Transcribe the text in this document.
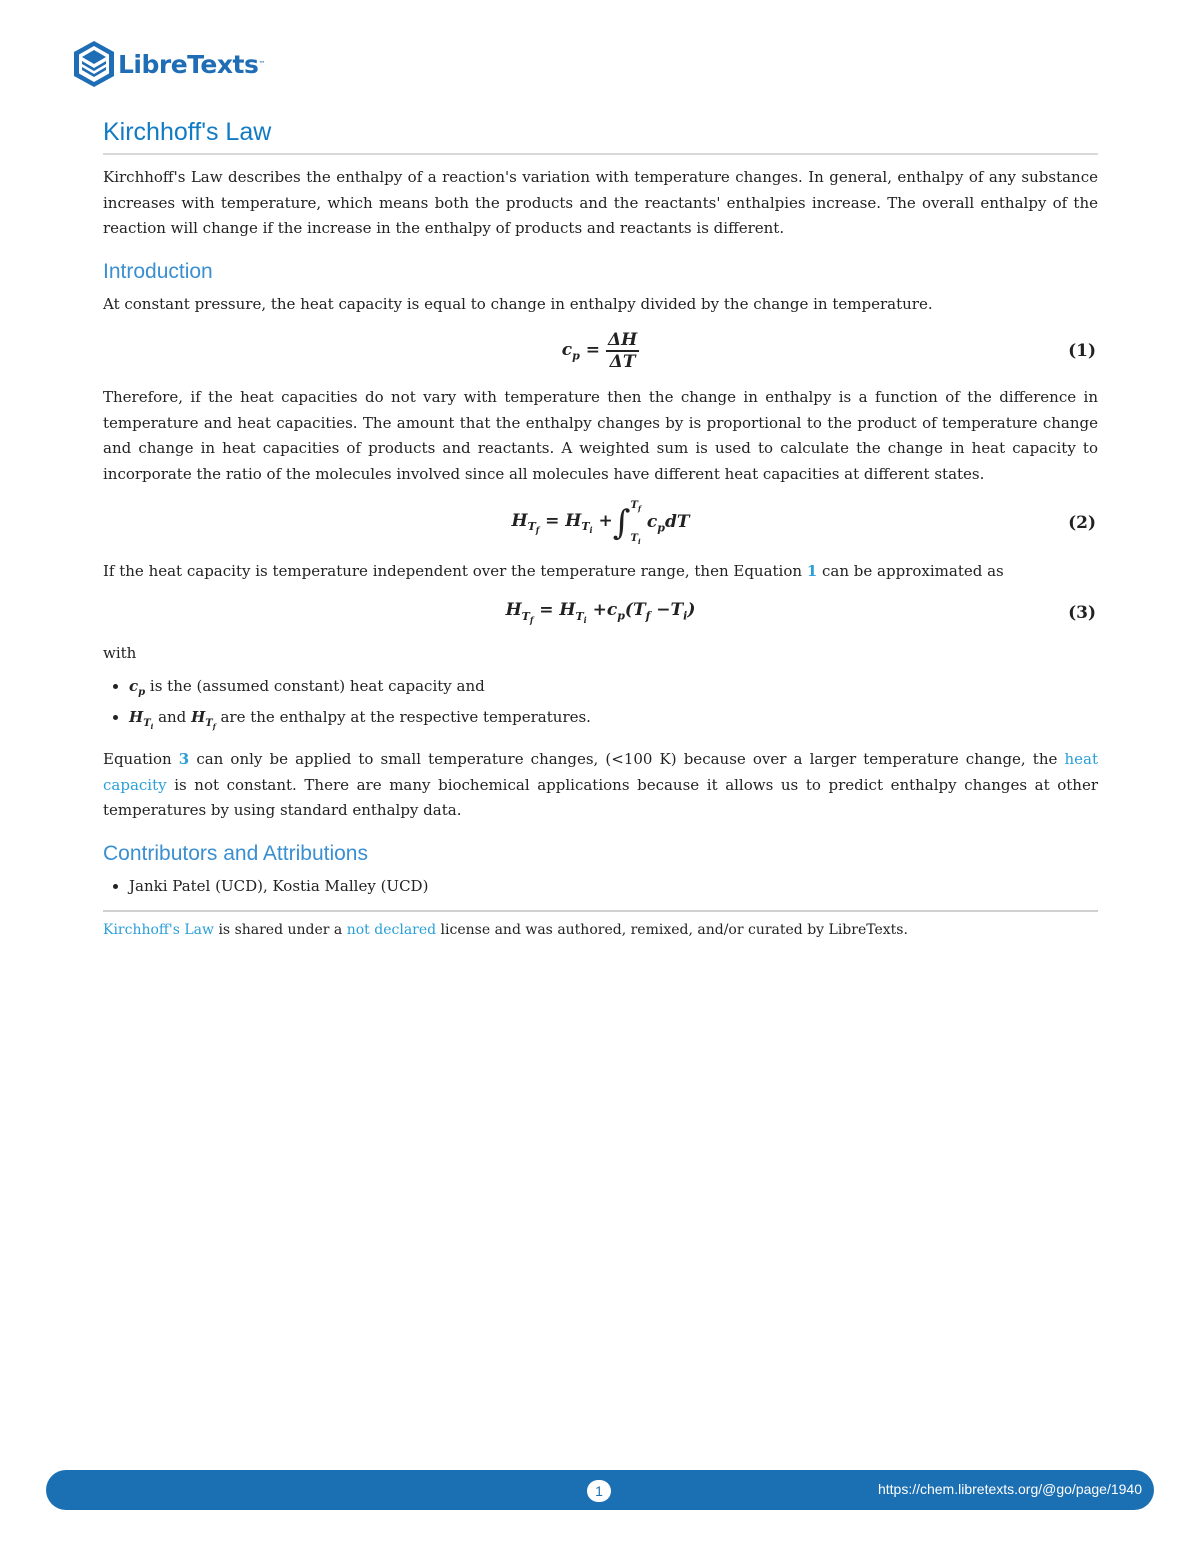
LibreTexts ™
Kirchhoff's Law

Kirchhoff's Law describes the enthalpy of a reaction's variation with temperature changes. In general, enthalpy of any substance increases with temperature, which means both the products and the reactants' enthalpies increase. The overall enthalpy of the reaction will change if the increase in the enthalpy of products and reactants is different.

Introduction

At constant pressure, the heat capacity is equal to change in enthalpy divided by the change in temperature.

$c_p = \frac{\Delta H}{\Delta T}$	(1)

Therefore, if the heat capacities do not vary with temperature then the change in enthalpy is a function of the difference in temperature and heat capacities. The amount that the enthalpy changes by is proportional to the product of temperature change and change in heat capacities of products and reactants. A weighted sum is used to calculate the change in heat capacity to incorporate the ratio of the molecules involved since all molecules have different heat capacities at different states.

$H_{T_f} = H_{T_i}$ + ∫ $T_f$
$T_i$
$c_pdT$	(2)

If the heat capacity is temperature independent over the temperature range, then Equation 1 can be approximated as

$H_{T_f} = H_{T_i} +c_p(T_f -T_i)$	(3)

with

• $c_p$ is the (assumed constant) heat capacity and
• $H_{T_i}$ and $H_{T_f}$ are the enthalpy at the respective temperatures.

Equation 3 can only be applied to small temperature changes, (<100 K) because over a larger temperature change, the heat capacity is not constant. There are many biochemical applications because it allows us to predict enthalpy changes at other temperatures by using standard enthalpy data.

Contributors and Attributions
• Janki Patel (UCD), Kostia Malley (UCD)

Kirchhoff's Law is shared under a not declared license and was authored, remixed, and/or curated by LibreTexts.

1	https://chem.libretexts.org/@go/page/1940
